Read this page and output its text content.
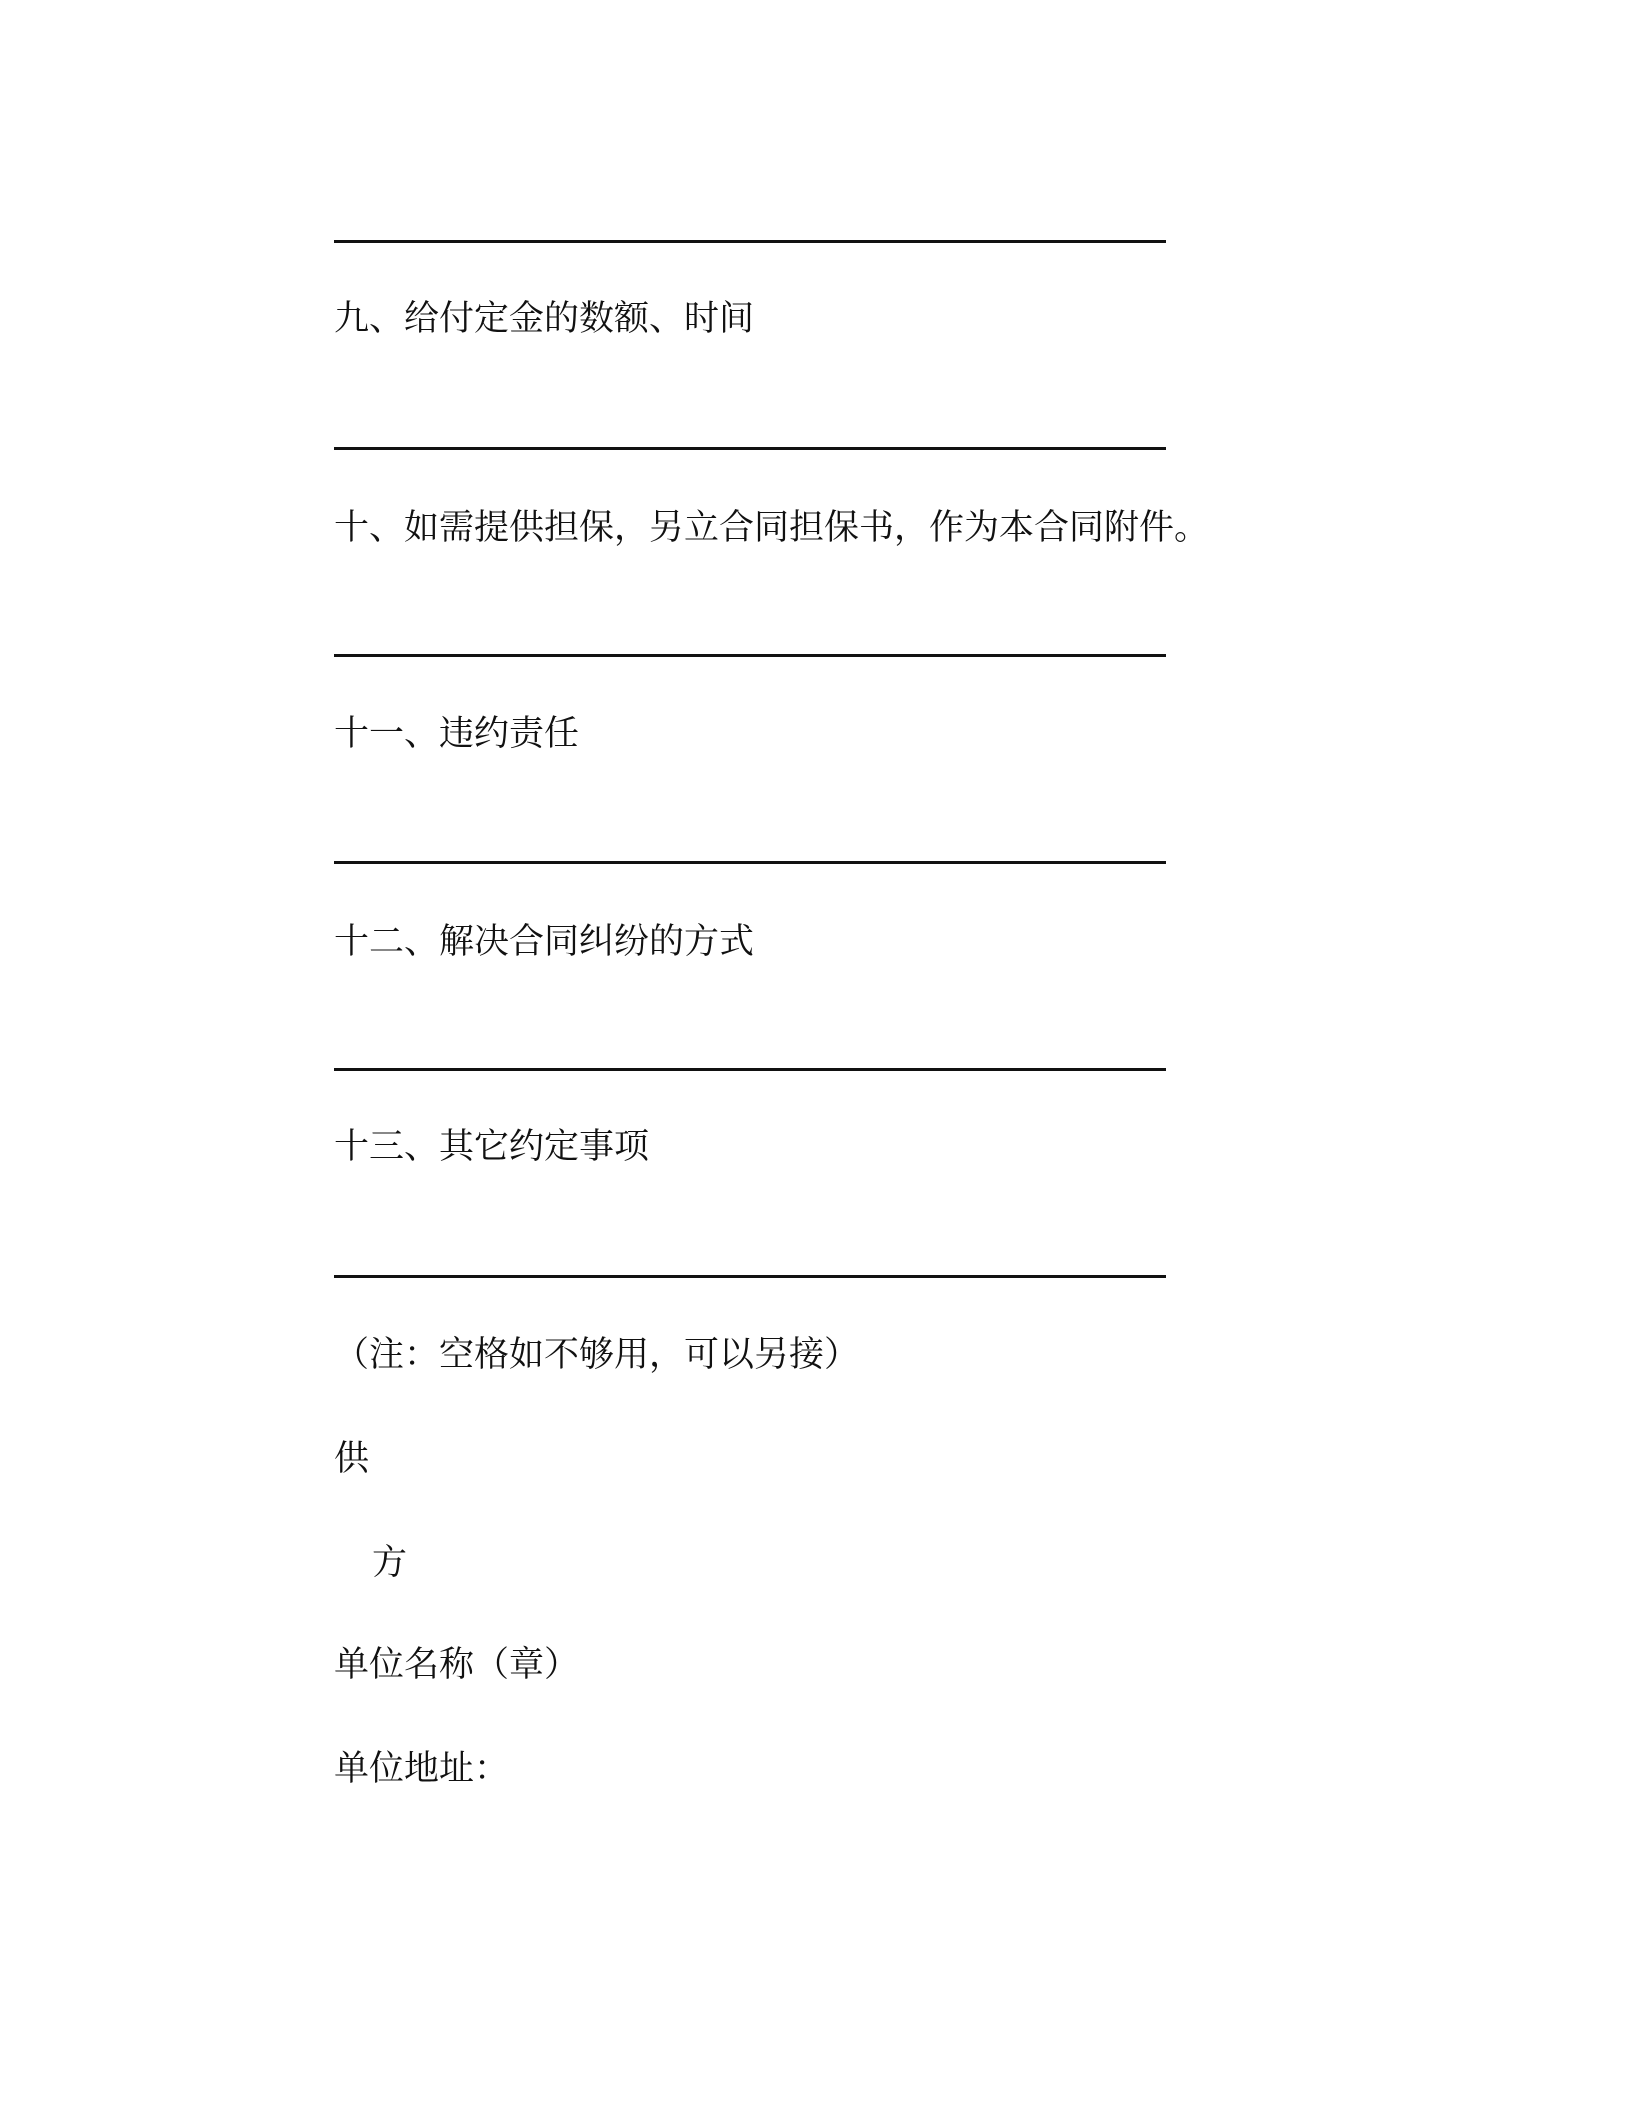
九、给付定金的数额、时间
十、如需提供担保，另立合同担保书，作为本合同附件。
十一、违约责任
十二、解决合同纠纷的方式
十三、其它约定事项
（注：空格如不够用，可以另接）
供
方
单位名称（章）
单位地址：
